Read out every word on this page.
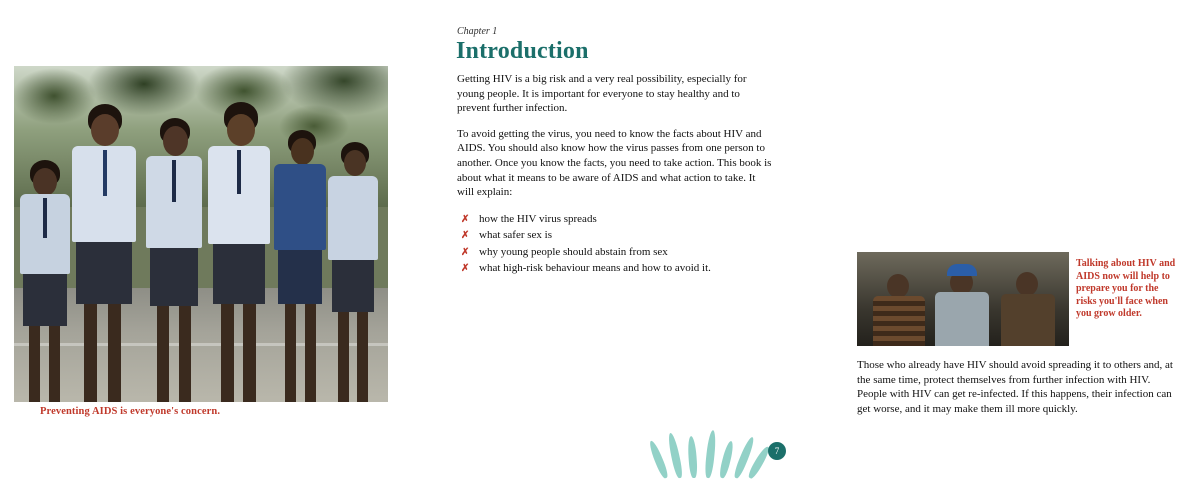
Preventing AIDS is everyone's concern.
Chapter 1
Introduction

Getting HIV is a big risk and a very real possibility, especially for young people. It is important for everyone to stay healthy and to prevent further infection.

To avoid getting the virus, you need to know the facts about HIV and AIDS. You should also know how the virus passes from one person to another. Once you know the facts, you need to take action. This book is about what it means to be aware of AIDS and what action to take. It will explain:

✗ how the HIV virus spreads
✗ what safer sex is
✗ why young people should abstain from sex
✗ what high-risk behaviour means and how to avoid it.	Talking about HIV and AIDS now will help to prepare you for the risks you'll face when you grow older.

Those who already have HIV should avoid spreading it to others and, at the same time, protect themselves from further infection with HIV. People with HIV can get re-infected. If this happens, their infection can get worse, and it may make them ill more quickly.

7
